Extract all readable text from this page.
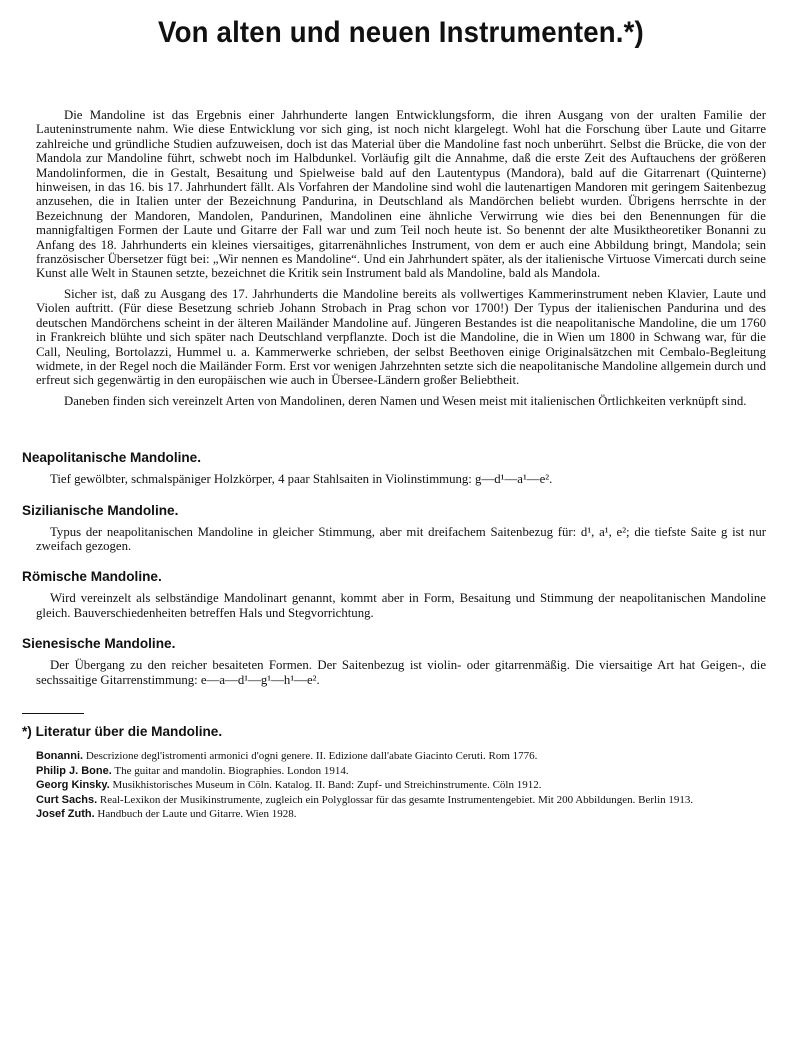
Von alten und neuen Instrumenten.*)

Die Mandoline ist das Ergebnis einer Jahrhunderte langen Entwicklungsform, die ihren Ausgang von der uralten Familie der Lauteninstrumente nahm. Wie diese Entwicklung vor sich ging, ist noch nicht klargelegt. Wohl hat die Forschung über Laute und Gitarre zahlreiche und gründliche Studien aufzuweisen, doch ist das Material über die Mandoline fast noch unberührt. Selbst die Brücke, die von der Mandola zur Mandoline führt, schwebt noch im Halbdunkel. Vorläufig gilt die Annahme, daß die erste Zeit des Auftauchens der größeren Mandolinformen, die in Gestalt, Besaitung und Spielweise bald auf den Lautentypus (Mandora), bald auf die Gitarrenart (Quinterne) hinweisen, in das 16. bis 17. Jahrhundert fällt. Als Vorfahren der Mandoline sind wohl die lautenartigen Mandoren mit geringem Saitenbezug anzusehen, die in Italien unter der Bezeichnung Pandurina, in Deutschland als Mandörchen beliebt wurden. Übrigens herrschte in der Bezeichnung der Mandoren, Mandolen, Pandurinen, Mandolinen eine ähnliche Verwirrung wie dies bei den Benennungen für die mannigfaltigen Formen der Laute und Gitarre der Fall war und zum Teil noch heute ist. So benennt der alte Musiktheoretiker Bonanni zu Anfang des 18. Jahrhunderts ein kleines viersaitiges, gitarrenähnliches Instrument, von dem er auch eine Abbildung bringt, Mandola; sein französischer Übersetzer fügt bei: „Wir nennen es Mandoline“. Und ein Jahrhundert später, als der italienische Virtuose Vimercati durch seine Kunst alle Welt in Staunen setzte, bezeichnet die Kritik sein Instrument bald als Mandoline, bald als Mandola.

Sicher ist, daß zu Ausgang des 17. Jahrhunderts die Mandoline bereits als vollwertiges Kammerinstrument neben Klavier, Laute und Violen auftritt. (Für diese Besetzung schrieb Johann Strobach in Prag schon vor 1700!) Der Typus der italienischen Pandurina und des deutschen Mandörchens scheint in der älteren Mailänder Mandoline auf. Jüngeren Bestandes ist die neapolitanische Mandoline, die um 1760 in Frankreich blühte und sich später nach Deutschland verpflanzte. Doch ist die Mandoline, die in Wien um 1800 in Schwang war, für die Call, Neuling, Bortolazzi, Hummel u. a. Kammerwerke schrieben, der selbst Beethoven einige Originalsätzchen mit Cembalo-Begleitung widmete, in der Regel noch die Mailänder Form. Erst vor wenigen Jahrzehnten setzte sich die neapolitanische Mandoline allgemein durch und erfreut sich gegenwärtig in den europäischen wie auch in Übersee-Ländern großer Beliebtheit.

Daneben finden sich vereinzelt Arten von Mandolinen, deren Namen und Wesen meist mit italienischen Örtlichkeiten verknüpft sind.

Neapolitanische Mandoline.

Tief gewölbter, schmalspäniger Holzkörper, 4 paar Stahlsaiten in Violinstimmung: g—d¹—a¹—e².

Sizilianische Mandoline.

Typus der neapolitanischen Mandoline in gleicher Stimmung, aber mit dreifachem Saitenbezug für: d¹, a¹, e²; die tiefste Saite g ist nur zweifach gezogen.

Römische Mandoline.

Wird vereinzelt als selbständige Mandolinart genannt, kommt aber in Form, Besaitung und Stimmung der neapolitanischen Mandoline gleich. Bauverschiedenheiten betreffen Hals und Stegvorrichtung.

Sienesische Mandoline.

Der Übergang zu den reicher besaiteten Formen. Der Saitenbezug ist violin- oder gitarrenmäßig. Die viersaitige Art hat Geigen-, die sechssaitige Gitarrenstimmung: e—a—d¹—g¹—h¹—e².

*) Literatur über die Mandoline.
Bonanni. Descrizione degl'istromenti armonici d'ogni genere. II. Edizione dall'abate Giacinto Ceruti. Rom 1776.
Philip J. Bone. The guitar and mandolin. Biographies. London 1914.
Georg Kinsky. Musikhistorisches Museum in Cöln. Katalog. II. Band: Zupf- und Streichinstrumente. Cöln 1912.
Curt Sachs. Real-Lexikon der Musikinstrumente, zugleich ein Polyglossar für das gesamte Instrumentengebiet. Mit 200 Abbildungen. Berlin 1913.
Josef Zuth. Handbuch der Laute und Gitarre. Wien 1928.
